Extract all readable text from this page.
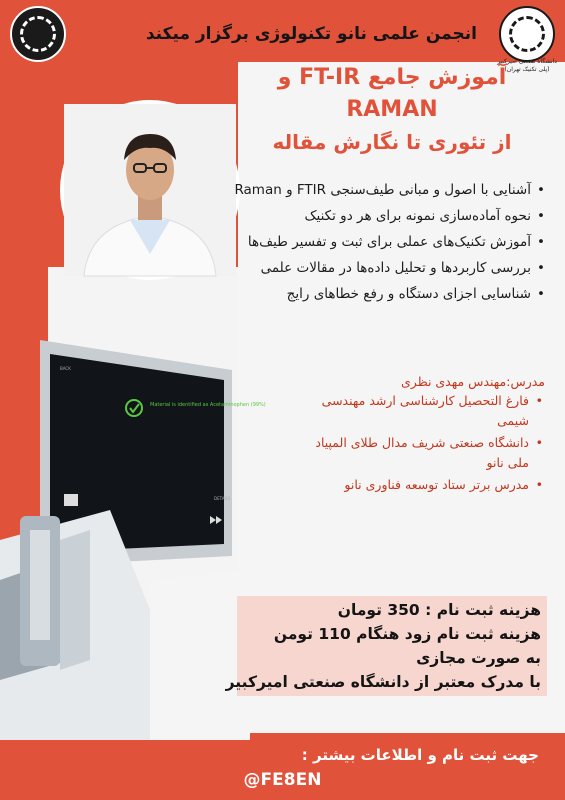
دانشگاه صنعتی امیرکبیر (پلی تکنیک تهران)
انجمن علمی نانو تکنولوژی برگزار میکند
آموزش جامع FT-IR و
RAMAN
از تئوری تا نگارش مقاله
• آشنایی با اصول و مبانی طیف‌سنجی FTIR و Raman
• نحوه آماده‌سازی نمونه برای هر دو تکنیک
• آموزش تکنیک‌های عملی برای ثبت و تفسیر طیف‌ها
• بررسی کاربردها و تحلیل داده‌ها در مقالات علمی
• شناسایی اجزای دستگاه و رفع خطاهای رایج
Material is identified as Acetaminophen (99%)
BACK
DETAILS
مدرس:مهندس مهدی نظری
• فارغ التحصیل کارشناسی ارشد مهندسی شیمی
• دانشگاه صنعتی شریف مدال طلای المپیاد ملی نانو
• مدرس برتر ستاد توسعه فناوری نانو
هزینه ثبت نام : 350 تومان
هزینه ثبت نام زود هنگام 110 تومن
به صورت مجازی
با مدرک معتبر از دانشگاه صنعتی امیرکبیر
جهت ثبت نام و اطلاعات بیشتر :
@FE8EN
